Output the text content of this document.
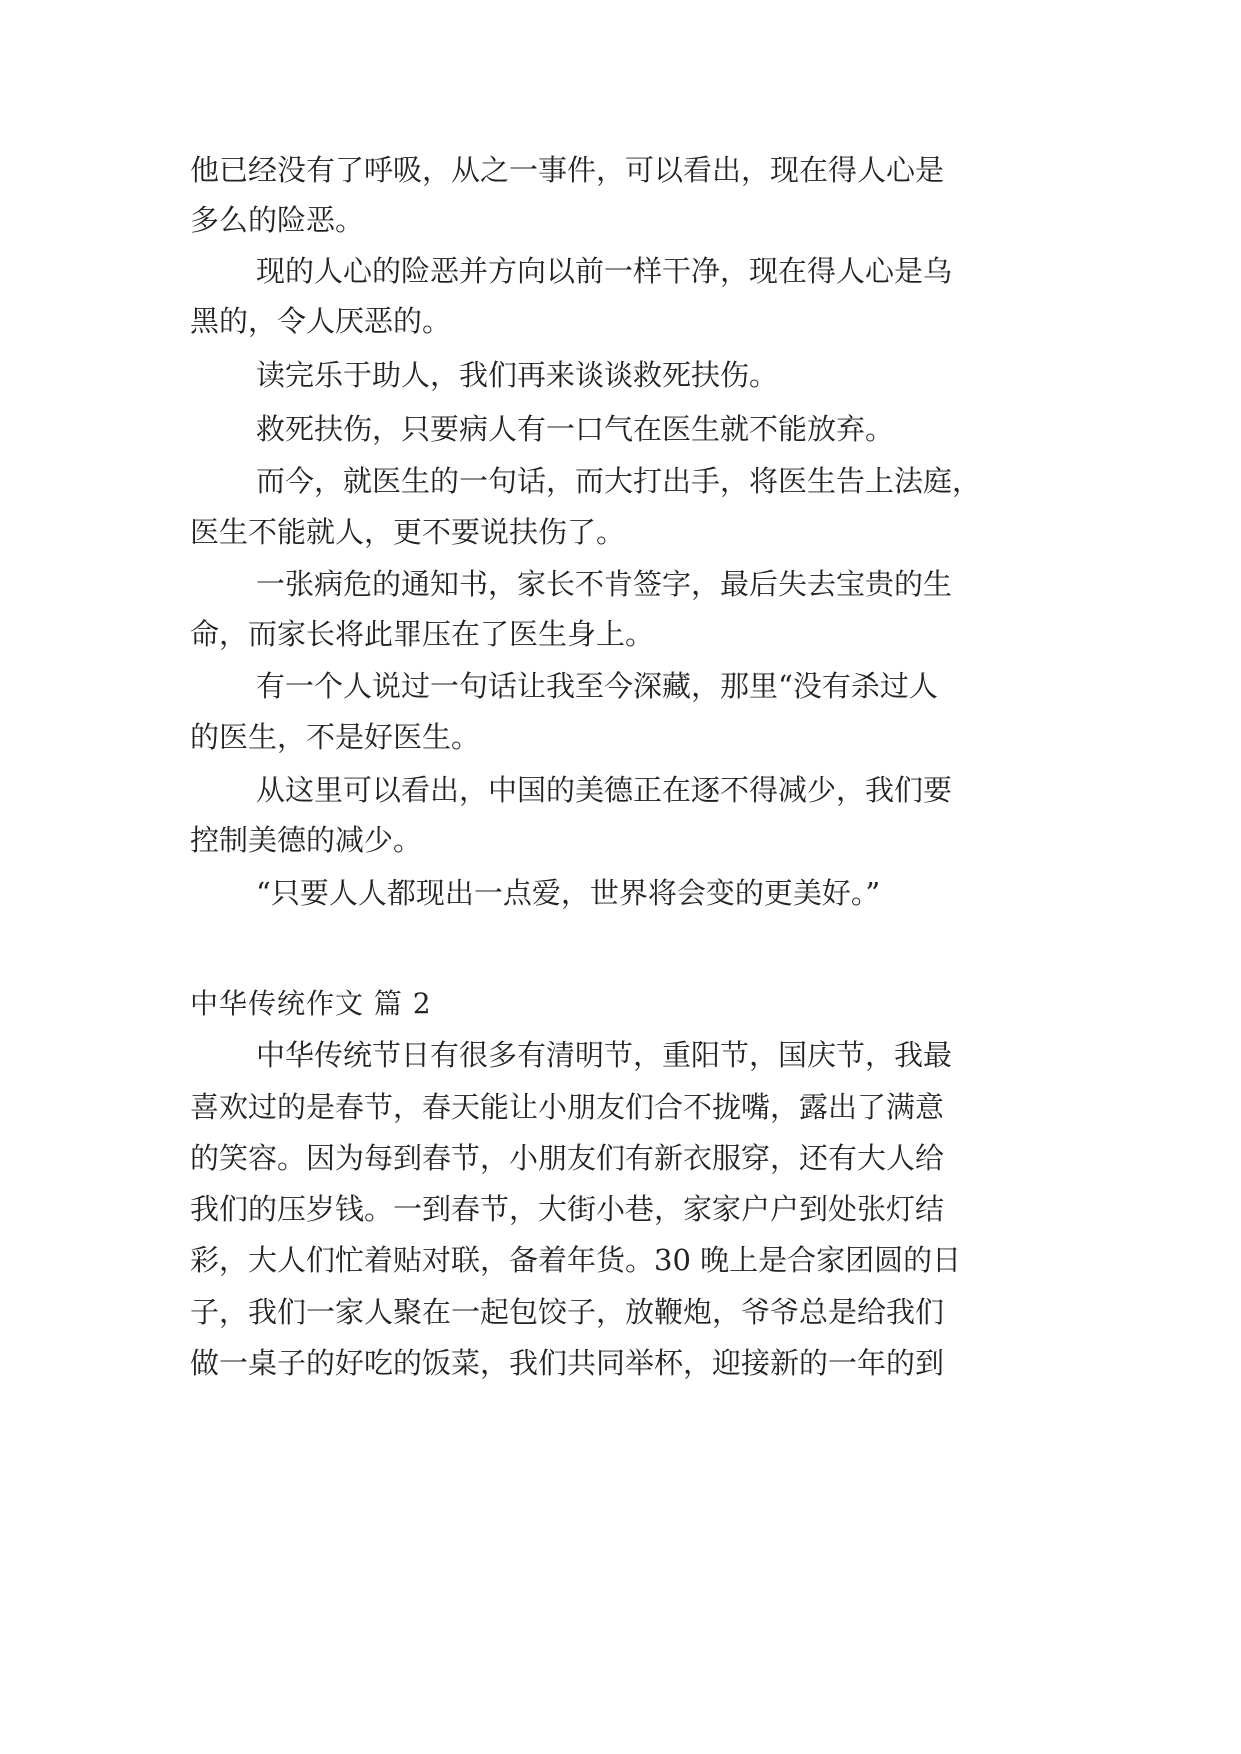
他已经没有了呼吸，从之一事件，可以看出，现在得人心是
多么的险恶。
现的人心的险恶并方向以前一样干净，现在得人心是乌
黑的，令人厌恶的。
读完乐于助人，我们再来谈谈救死扶伤。
救死扶伤，只要病人有一口气在医生就不能放弃。
而今，就医生的一句话，而大打出手，将医生告上法庭，
医生不能就人，更不要说扶伤了。
一张病危的通知书，家长不肯签字，最后失去宝贵的生
命，而家长将此罪压在了医生身上。
有一个人说过一句话让我至今深藏，那里“没有杀过人
的医生，不是好医生。
从这里可以看出，中国的美德正在逐不得减少，我们要
控制美德的减少。
“只要人人都现出一点爱，世界将会变的更美好。”
中华传统作文 篇 2
中华传统节日有很多有清明节，重阳节，国庆节，我最
喜欢过的是春节，春天能让小朋友们合不拢嘴，露出了满意
的笑容。因为每到春节，小朋友们有新衣服穿，还有大人给
我们的压岁钱。一到春节，大街小巷，家家户户到处张灯结
彩，大人们忙着贴对联，备着年货。30 晚上是合家团圆的日
子，我们一家人聚在一起包饺子，放鞭炮，爷爷总是给我们
做一桌子的好吃的饭菜，我们共同举杯，迎接新的一年的到
